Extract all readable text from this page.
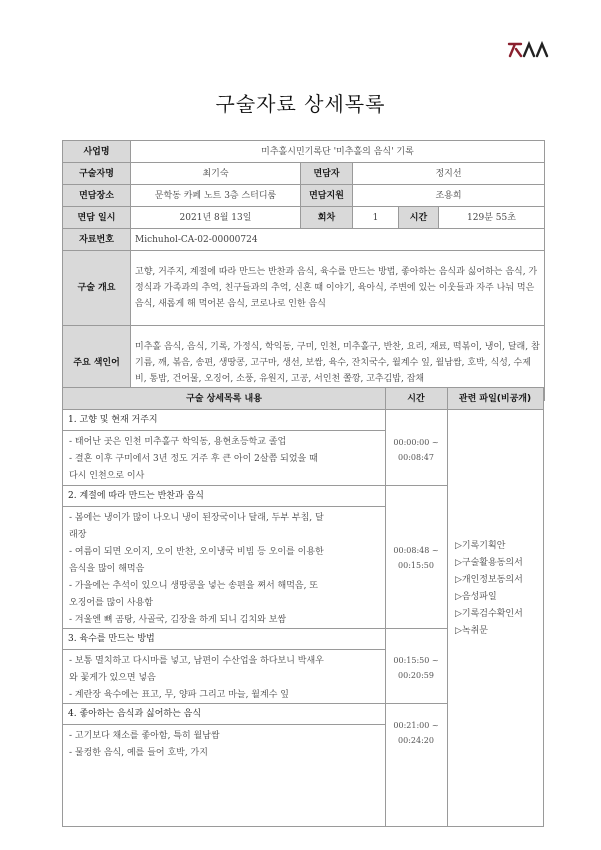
구술자료 상세목록
사업명	미추홀시민기록단 '미추홀의 음식' 기록				
구술자명	최기숙	면담자	정지선		
면담장소	문학동 카페 노트 3층 스터디룸	면담지원	조용희		
면담 일시	2021년 8월 13일	회차	1	시간	129분 55초
자료번호	Michuhol-CA-02-00000724				
구술 개요	고향, 거주지, 계절에 따라 만드는 반찬과 음식, 육수를 만드는 방법, 좋아하는 음식과 싫어하는 음식, 가정식과 가족과의 추억, 친구들과의 추억, 신혼 때 이야기, 육아식, 주변에 있는 이웃들과 자주 나눠 먹은 음식, 새롭게 해 먹어본 음식, 코로나로 인한 음식				
주요 색인어	미추홀 음식, 음식, 기록, 가정식, 학익동, 구미, 인천, 미추홀구, 반찬, 요리, 재료, 떡볶이, 냉이, 달래, 참기름, 깨, 볶음, 송편, 생땅콩, 고구마, 생선, 보쌈, 육수, 잔치국수, 월계수 잎, 월남쌈, 호박, 식성, 수제비, 통밤, 건어물, 오징어, 소풍, 유원지, 고공, 서인천 쫄깡, 고추김밥, 잡채				
구술 상세목록 내용	시간	관련 파일(비공개)
1. 고향 및 현재 거주지
- 태어난 곳은 인천 미추홀구 학익동, 용현초등학교 졸업
- 결혼 이후 구미에서 3년 정도 거주 후 큰 아이 2살쯤 되었을 때
다시 인천으로 이사
00:00:00 ~
00:08:47
2. 계절에 따라 만드는 반찬과 음식
- 봄에는 냉이가 많이 나오니 냉이 된장국이나 달래, 두부 부침, 달
래장
- 여름이 되면 오이지, 오이 반찬, 오이냉국 비빔 등 오이를 이용한
음식을 많이 해먹음
- 가을에는 추석이 있으니 생땅콩을 넣는 송편을 쪄서 해먹음, 또
오징어를 많이 사용함
- 겨울엔 뼈 곰탕, 사골국, 김장을 하게 되니 김치와 보쌈
00:08:48 ~
00:15:50
3. 육수를 만드는 방법
- 보통 멸치하고 다시마를 넣고, 남편이 수산업을 하다보니 박새우
와 꽃게가 있으면 넣음
- 계란장 육수에는 표고, 무, 양파 그리고 마늘, 월계수 잎
00:15:50 ~
00:20:59
4. 좋아하는 음식과 싫어하는 음식
- 고기보다 채소를 좋아함, 특히 월남쌈
- 물컹한 음식, 예를 들어 호박, 가지
00:21:00 ~
00:24:20
▷기록기획안
▷구술활용동의서
▷개인정보동의서
▷음성파일
▷기록검수확인서
▷녹취문
